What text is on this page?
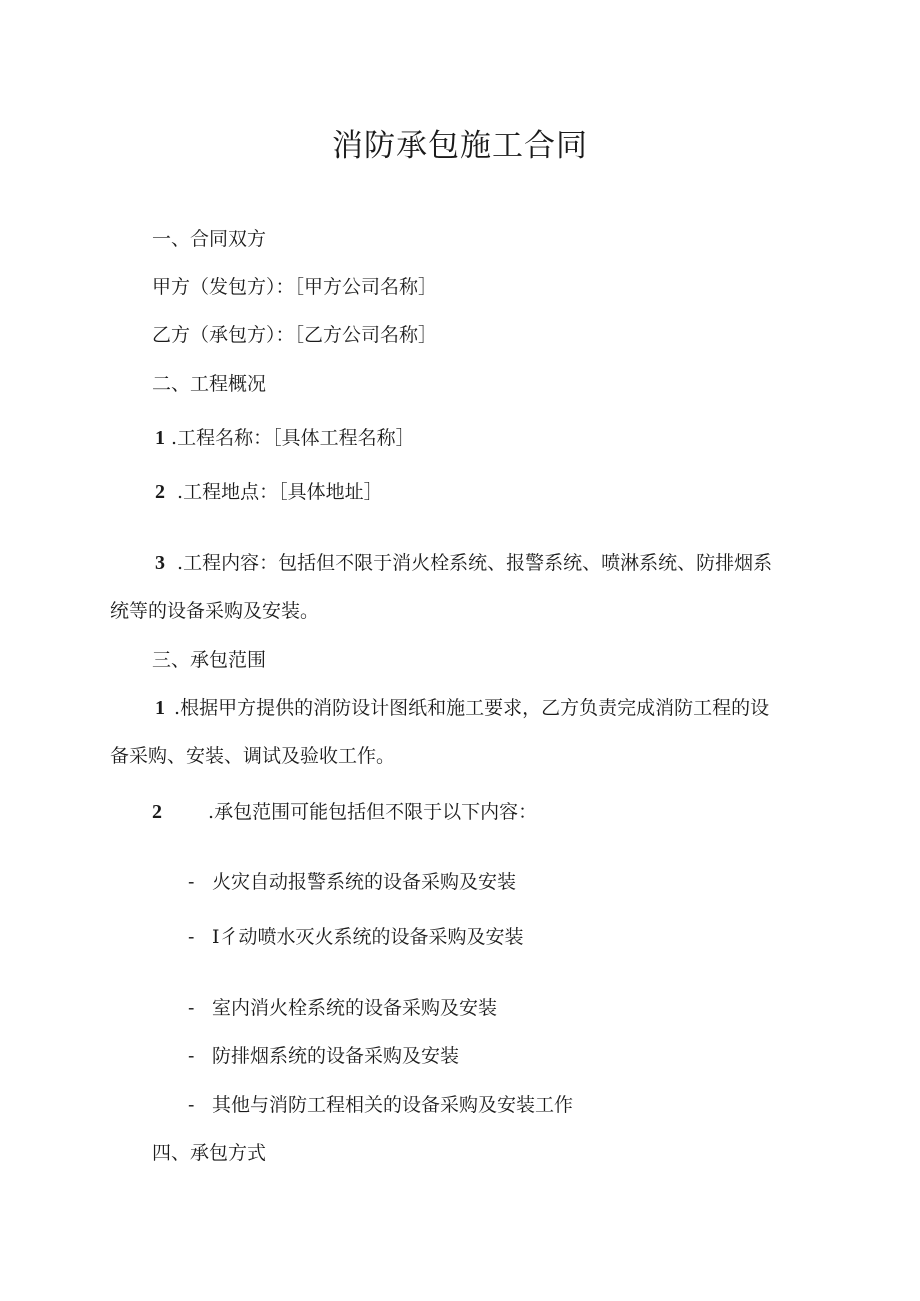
消防承包施工合同
一、合同双方
甲方（发包方）：［甲方公司名称］
乙方（承包方）：［乙方公司名称］
二、工程概况
1 .工程名称：［具体工程名称］
2 .工程地点：［具体地址］
3 .工程内容：包括但不限于消火栓系统、报警系统、喷淋系统、防排烟系
统等的设备采购及安装。
三、承包范围
1 .根据甲方提供的消防设计图纸和施工要求，乙方负责完成消防工程的设
备采购、安装、调试及验收工作。
2 .承包范围可能包括但不限于以下内容：
- 火灾自动报警系统的设备采购及安装
- I彳动喷水灭火系统的设备采购及安装
- 室内消火栓系统的设备采购及安装
- 防排烟系统的设备采购及安装
- 其他与消防工程相关的设备采购及安装工作
四、承包方式
